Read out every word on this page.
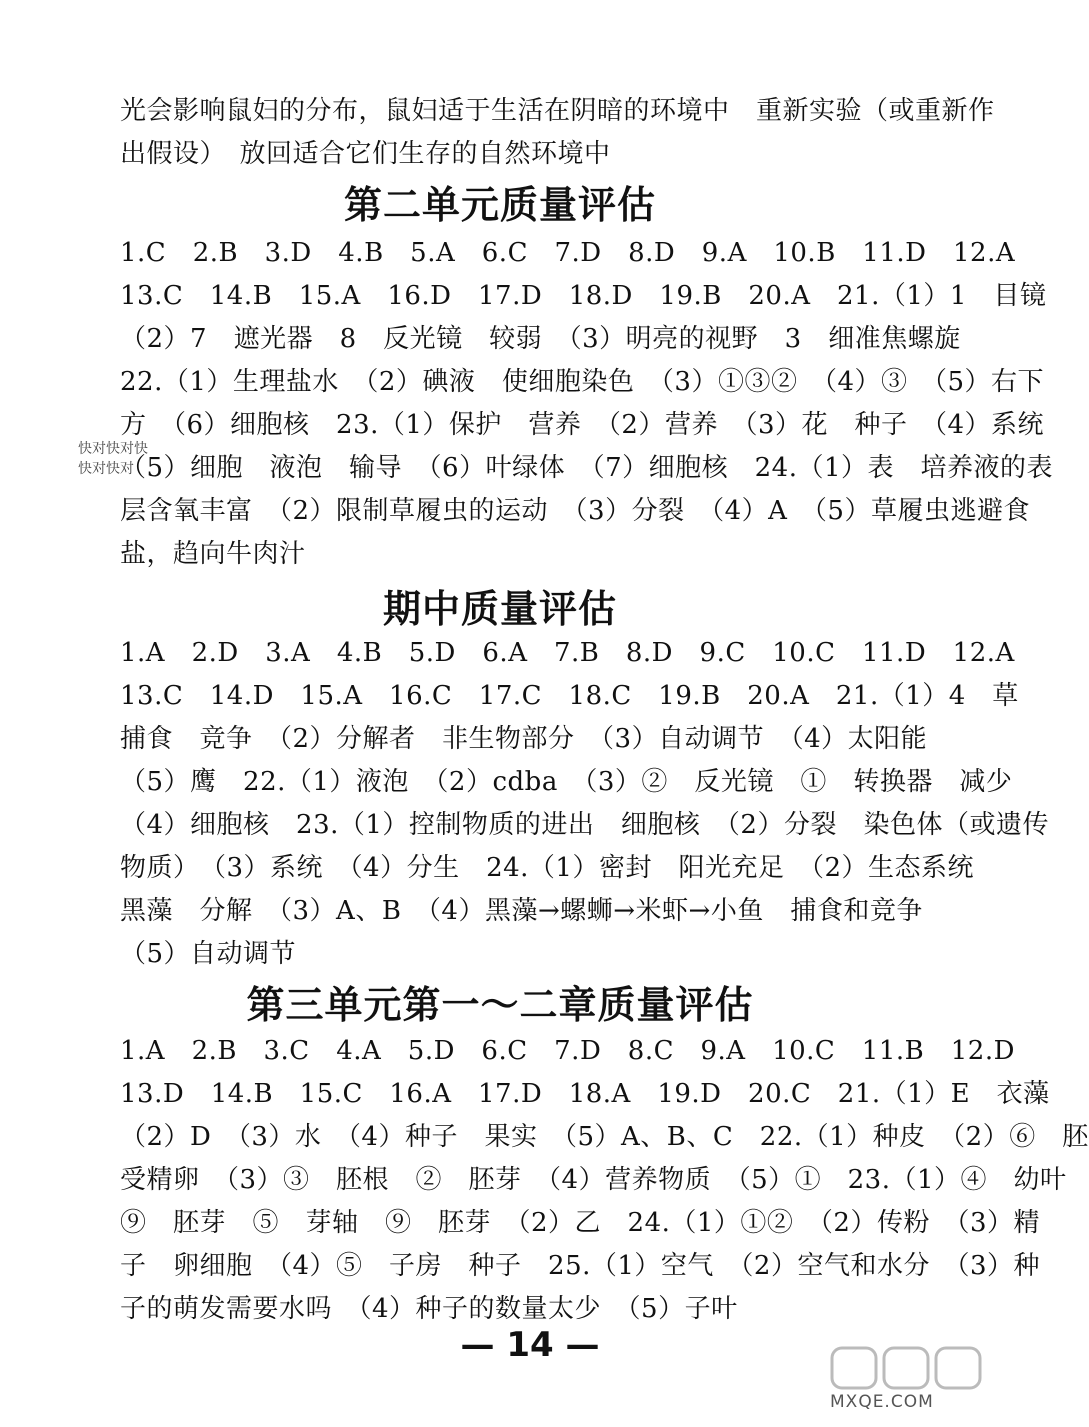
光会影响鼠妇的分布，鼠妇适于生活在阴暗的环境中　重新实验（或重新作
出假设）　放回适合它们生存的自然环境中
第二单元质量评估
1.C　2.B　3.D　4.B　5.A　6.C　7.D　8.D　9.A　10.B　11.D　12.A
13.C　14.B　15.A　16.D　17.D　18.D　19.B　20.A　21.（1）1　目镜
（2）7　遮光器　8　反光镜　较弱　（3）明亮的视野　3　细准焦螺旋
22.（1）生理盐水　（2）碘液　使细胞染色　（3）①③②　（4）③　（5）右下
方　（6）细胞核　23.（1）保护　营养　（2）营养　（3）花　种子　（4）系统
（5）细胞　液泡　输导　（6）叶绿体　（7）细胞核　24.（1）表　培养液的表
层含氧丰富　（2）限制草履虫的运动　（3）分裂　（4）A　（5）草履虫逃避食
盐，趋向牛肉汁
期中质量评估
1.A　2.D　3.A　4.B　5.D　6.A　7.B　8.D　9.C　10.C　11.D　12.A
13.C　14.D　15.A　16.C　17.C　18.C　19.B　20.A　21.（1）4　草
捕食　竞争　（2）分解者　非生物部分　（3）自动调节　（4）太阳能
（5）鹰　22.（1）液泡　（2）cdba　（3）②　反光镜　①　转换器　减少
（4）细胞核　23.（1）控制物质的进出　细胞核　（2）分裂　染色体（或遗传
物质）　（3）系统　（4）分生　24.（1）密封　阳光充足　（2）生态系统
黑藻　分解　（3）A、B　（4）黑藻→螺蛳→米虾→小鱼　捕食和竞争
（5）自动调节
第三单元第一～二章质量评估
1.A　2.B　3.C　4.A　5.D　6.C　7.D　8.C　9.A　10.C　11.B　12.D
13.D　14.B　15.C　16.A　17.D　18.A　19.D　20.C　21.（1）E　衣藻
（2）D　（3）水　（4）种子　果实　（5）A、B、C　22.（1）种皮　（2）⑥　胚
受精卵　（3）③　胚根　②　胚芽　（4）营养物质　（5）①　23.（1）④　幼叶
⑨　胚芽　⑤　芽轴　⑨　胚芽　（2）乙　24.（1）①②　（2）传粉　（3）精
子　卵细胞　（4）⑤　子房　种子　25.（1）空气　（2）空气和水分　（3）种
子的萌发需要水吗　（4）种子的数量太少　（5）子叶
快对快对快
快对快对
— 14 —
MXQE.COM
